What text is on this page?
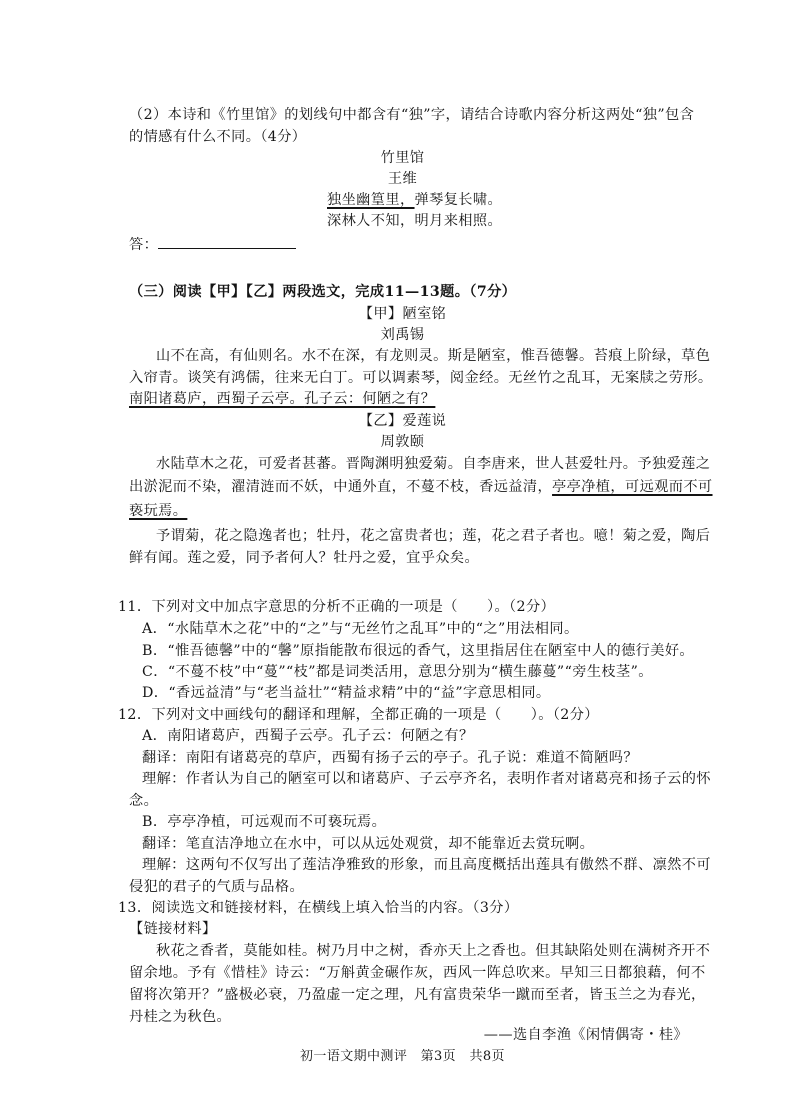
（2）本诗和《竹里馆》的划线句中都含有“独”字，请结合诗歌内容分析这两处“独”包含
的情感有什么不同。（4分）
竹里馆
王维
独坐幽篁里，弹琴复长啸。
深林人不知，明月来相照。
答：
（三）阅读【甲】【乙】两段选文，完成11—13题。（7分）
【甲】陋室铭
刘禹锡
山不在高，有仙则名。水不在深，有龙则灵。斯是陋室，惟吾德馨。苔痕上阶绿，草色
入帘青。谈笑有鸿儒，往来无白丁。可以调素琴，阅金经。无丝竹之乱耳，无案牍之劳形。
南阳诸葛庐，西蜀子云亭。孔子云：何陋之有？
【乙】爱莲说
周敦颐
水陆草木之花，可爱者甚蕃。晋陶渊明独爱菊。自李唐来，世人甚爱牡丹。予独爱莲之
出淤泥而不染，濯清涟而不妖，中通外直，不蔓不枝，香远益清，亭亭净植，可远观而不可
亵玩焉。
予谓菊，花之隐逸者也；牡丹，花之富贵者也；莲，花之君子者也。噫！菊之爱，陶后
鲜有闻。莲之爱，同予者何人？牡丹之爱，宜乎众矣。
11．下列对文中加点字意思的分析不正确的一项是（　　）。（2分）
A．“水陆草木之花”中的“之”与“无丝竹之乱耳”中的“之”用法相同。
B．“惟吾德馨”中的“馨”原指能散布很远的香气，这里指居住在陋室中人的德行美好。
C．“不蔓不枝”中“蔓”“枝”都是词类活用，意思分别为“横生藤蔓”“旁生枝茎”。
D．“香远益清”与“老当益壮”“精益求精”中的“益”字意思相同。
12．下列对文中画线句的翻译和理解，全都正确的一项是（　　）。（2分）
A．南阳诸葛庐，西蜀子云亭。孔子云：何陋之有？
翻译：南阳有诸葛亮的草庐，西蜀有扬子云的亭子。孔子说：难道不简陋吗？
理解：作者认为自己的陋室可以和诸葛庐、子云亭齐名，表明作者对诸葛亮和扬子云的怀
念。
B．亭亭净植，可远观而不可亵玩焉。
翻译：笔直洁净地立在水中，可以从远处观赏，却不能靠近去赏玩啊。
理解：这两句不仅写出了莲洁净雅致的形象，而且高度概括出莲具有傲然不群、凛然不可
侵犯的君子的气质与品格。
13．阅读选文和链接材料，在横线上填入恰当的内容。（3分）
【链接材料】
秋花之香者，莫能如桂。树乃月中之树，香亦天上之香也。但其缺陷处则在满树齐开不
留余地。予有《惜桂》诗云：“万斛黄金碾作灰，西风一阵总吹来。早知三日都狼藉，何不
留将次第开？”盛极必衰，乃盈虚一定之理，凡有富贵荣华一蹴而至者，皆玉兰之为春光，
丹桂之为秋色。
——选自李渔《闲情偶寄・桂》
初一语文期中测评　第3页　共8页
